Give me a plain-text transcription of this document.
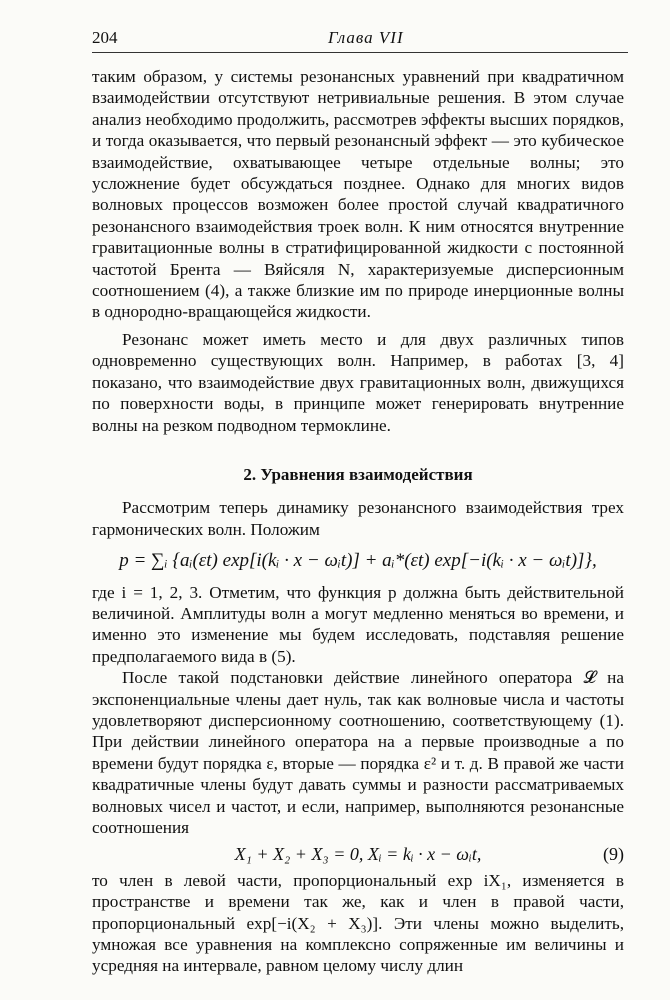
204	Глава VII

таким образом, у системы резонансных уравнений при квадратичном взаимодействии отсутствуют нетривиальные решения. В этом случае анализ необходимо продолжить, рассмотрев эффекты высших порядков, и тогда оказывается, что первый резонансный эффект — это кубическое взаимодействие, охватывающее четыре отдельные волны; это усложнение будет обсуждаться позднее. Однако для многих видов волновых процессов возможен более простой случай квадратичного резонансного взаимодействия троек волн. К ним относятся внутренние гравитационные волны в стратифицированной жидкости с постоянной частотой Брента — Вяйсяля N, характеризуемые дисперсионным соотношением (4), а также близкие им по природе инерционные волны в однородно-вращающейся жидкости.

Резонанс может иметь место и для двух различных типов одновременно существующих волн. Например, в работах [3, 4] показано, что взаимодействие двух гравитационных волн, движущихся по поверхности воды, в принципе может генерировать внутренние волны на резком подводном термоклине.

2. Уравнения взаимодействия

Рассмотрим теперь динамику резонансного взаимодействия трех гармонических волн. Положим

p = ∑ᵢ {aᵢ(εt) exp[i(kᵢ · x − ωᵢt)] + aᵢ*(εt) exp[−i(kᵢ · x − ωᵢt)]},

где i = 1, 2, 3. Отметим, что функция p должна быть действительной величиной. Амплитуды волн a могут медленно меняться во времени, и именно это изменение мы будем исследовать, подставляя решение предполагаемого вида в (5).

После такой подстановки действие линейного оператора 𝓛 на экспоненциальные члены дает нуль, так как волновые числа и частоты удовлетворяют дисперсионному соотношению, соответствующему (1). При действии линейного оператора на a первые производные a по времени будут порядка ε, вторые — порядка ε² и т. д. В правой же части квадратичные члены будут давать суммы и разности рассматриваемых волновых чисел и частот, и если, например, выполняются резонансные соотношения

X₁ + X₂ + X₃ = 0, Xᵢ = kᵢ · x − ωᵢt,	(9)

то член в левой части, пропорциональный exp iX₁, изменяется в пространстве и времени так же, как и член в правой части, пропорциональный exp[−i(X₂ + X₃)]. Эти члены можно выделить, умножая все уравнения на комплексно сопряженные им величины и усредняя на интервале, равном целому числу длин
